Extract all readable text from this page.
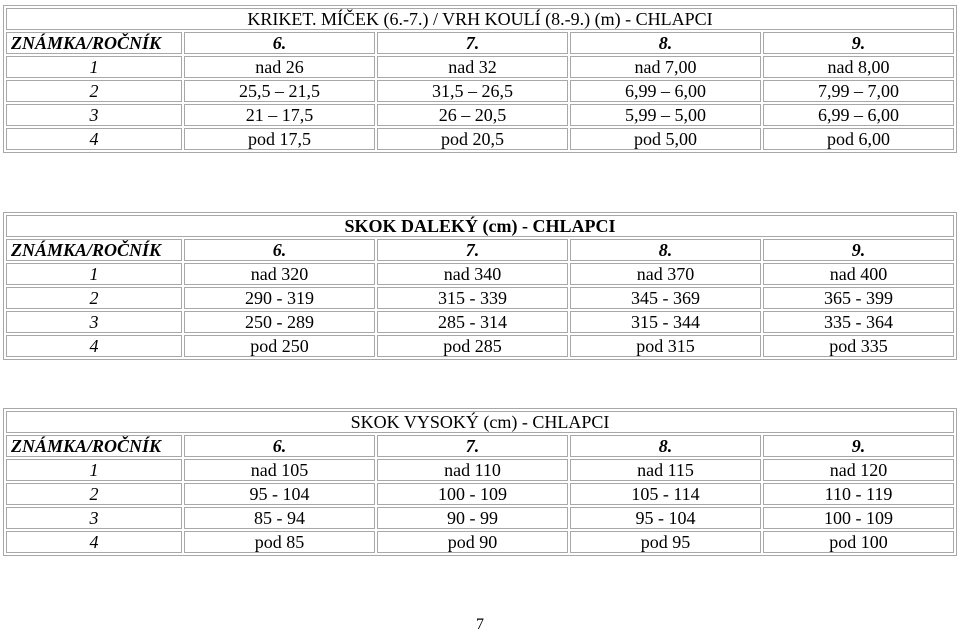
KRIKET. MÍČEK (6.-7.) / VRH KOULÍ (8.-9.) (m) - CHLAPCI				
ZNÁMKA/ROČNÍK	6.	7.	8.	9.
1	nad 26	nad 32	nad 7,00	nad 8,00
2	25,5 – 21,5	31,5 – 26,5	6,99 – 6,00	7,99 – 7,00
3	21 – 17,5	26 – 20,5	5,99 – 5,00	6,99 – 6,00
4	pod 17,5	pod 20,5	pod 5,00	pod 6,00
SKOK DALEKÝ (cm) - CHLAPCI				
ZNÁMKA/ROČNÍK	6.	7.	8.	9.
1	nad 320	nad 340	nad 370	nad 400
2	290 - 319	315 - 339	345 - 369	365 - 399
3	250 - 289	285 - 314	315 - 344	335 - 364
4	pod 250	pod 285	pod 315	pod 335
SKOK VYSOKÝ (cm) - CHLAPCI				
ZNÁMKA/ROČNÍK	6.	7.	8.	9.
1	nad 105	nad 110	nad 115	nad 120
2	95 - 104	100 - 109	105 - 114	110 - 119
3	85 - 94	90 - 99	95 - 104	100 - 109
4	pod 85	pod 90	pod 95	pod 100
7
